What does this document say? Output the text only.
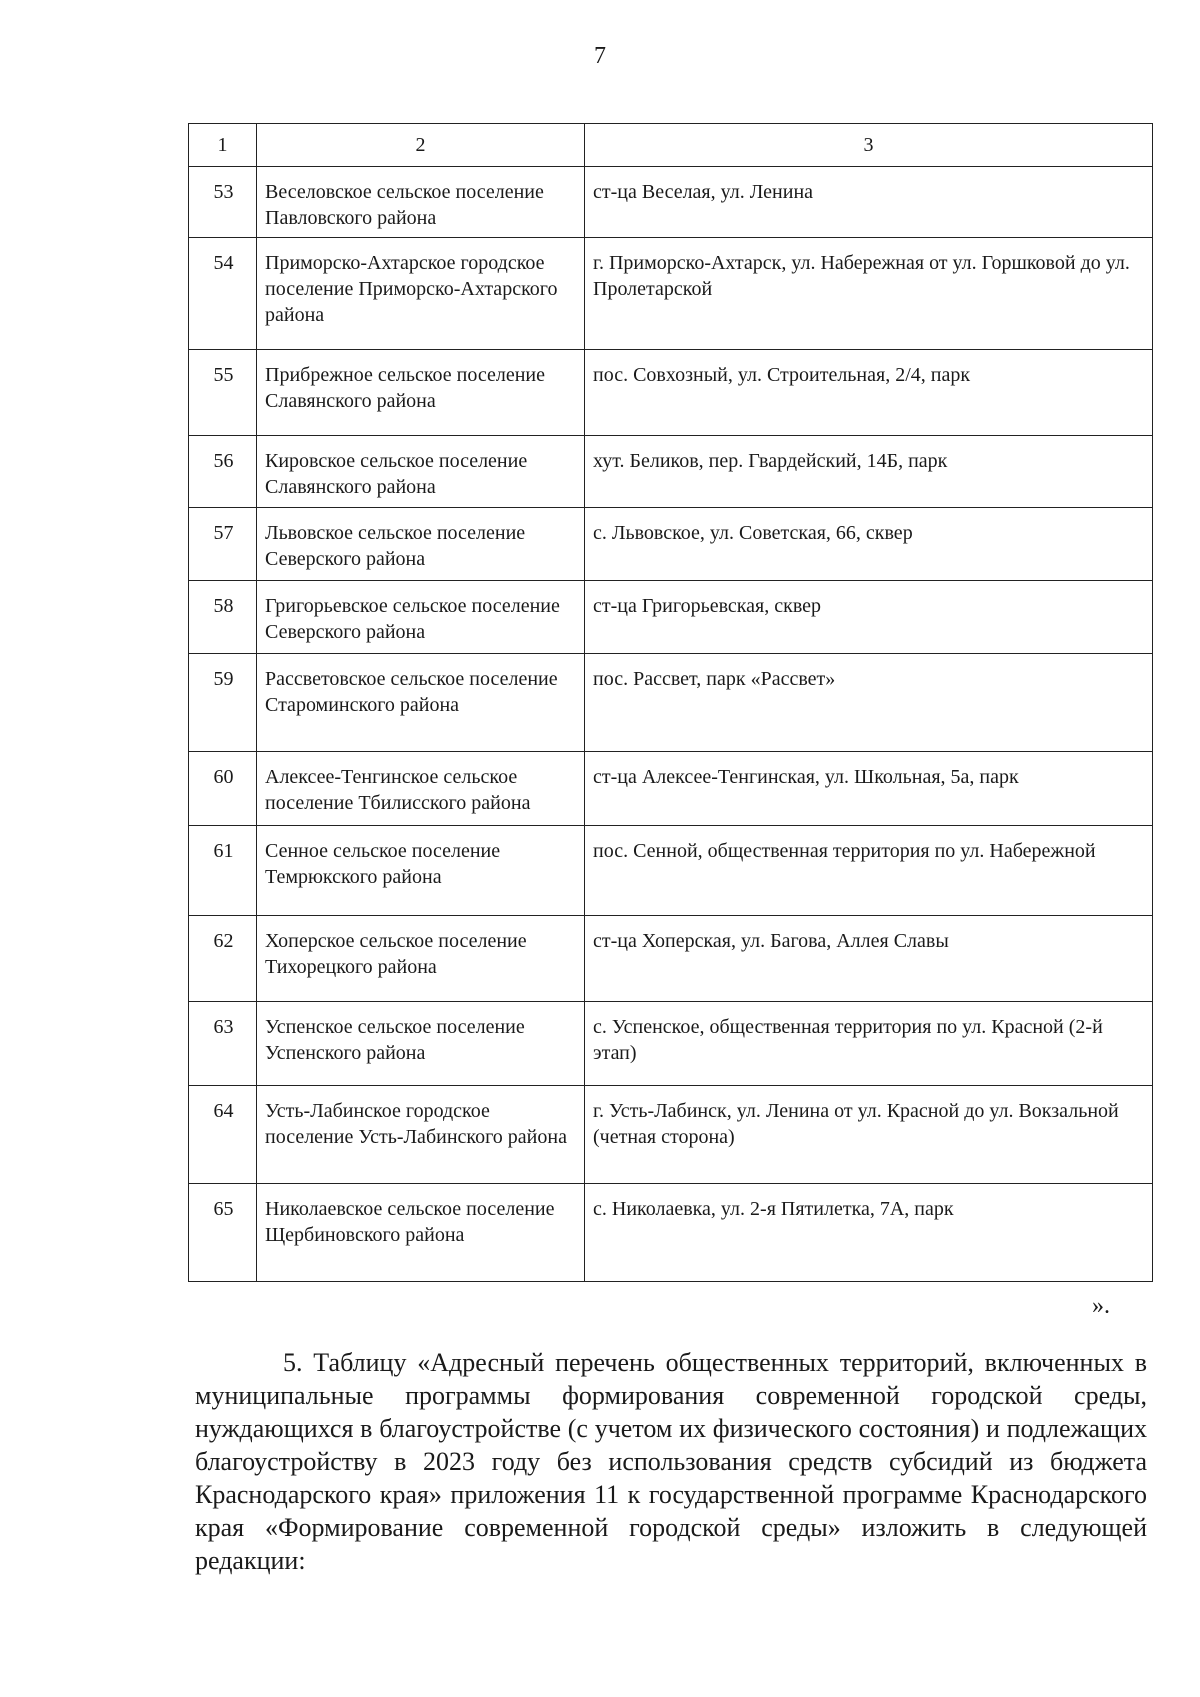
7
1	2	3
53	Веселовское сельское поселение Павловского района	ст-ца Веселая, ул. Ленина
54	Приморско-Ахтарское городское поселение Приморско-Ахтарского района	г. Приморско-Ахтарск, ул. Набережная от ул. Горшковой до ул. Пролетарской
55	Прибрежное сельское поселение Славянского района	пос. Совхозный, ул. Строительная, 2/4, парк
56	Кировское сельское поселение Славянского района	хут. Беликов, пер. Гвардейский, 14Б, парк
57	Львовское сельское поселение Северского района	с. Львовское, ул. Советская, 66, сквер
58	Григорьевское сельское поселение Северского района	ст-ца Григорьевская, сквер
59	Рассветовское сельское поселение Староминского района	пос. Рассвет, парк «Рассвет»
60	Алексее-Тенгинское сельское поселение Тбилисского района	ст-ца Алексее-Тенгинская, ул. Школьная, 5а, парк
61	Сенное сельское поселение Темрюкского района	пос. Сенной, общественная территория по ул. Набережной
62	Хоперское сельское поселение Тихорецкого района	ст-ца Хоперская, ул. Багова, Аллея Славы
63	Успенское сельское поселение Успенского района	с. Успенское, общественная территория по ул. Красной (2-й этап)
64	Усть-Лабинское городское поселение Усть-Лабинского района	г. Усть-Лабинск, ул. Ленина от ул. Красной до ул. Вокзальной (четная сторона)
65	Николаевское сельское поселение Щербиновского района	с. Николаевка, ул. 2-я Пятилетка, 7А, парк
».

5. Таблицу «Адресный перечень общественных территорий, включенных в муниципальные программы формирования современной городской среды, нуждающихся в благоустройстве (с учетом их физического состояния) и подлежащих благоустройству в 2023 году без использования средств субсидий из бюджета Краснодарского края» приложения 11 к государственной программе Краснодарского края «Формирование современной городской среды» изложить в следующей редакции:
